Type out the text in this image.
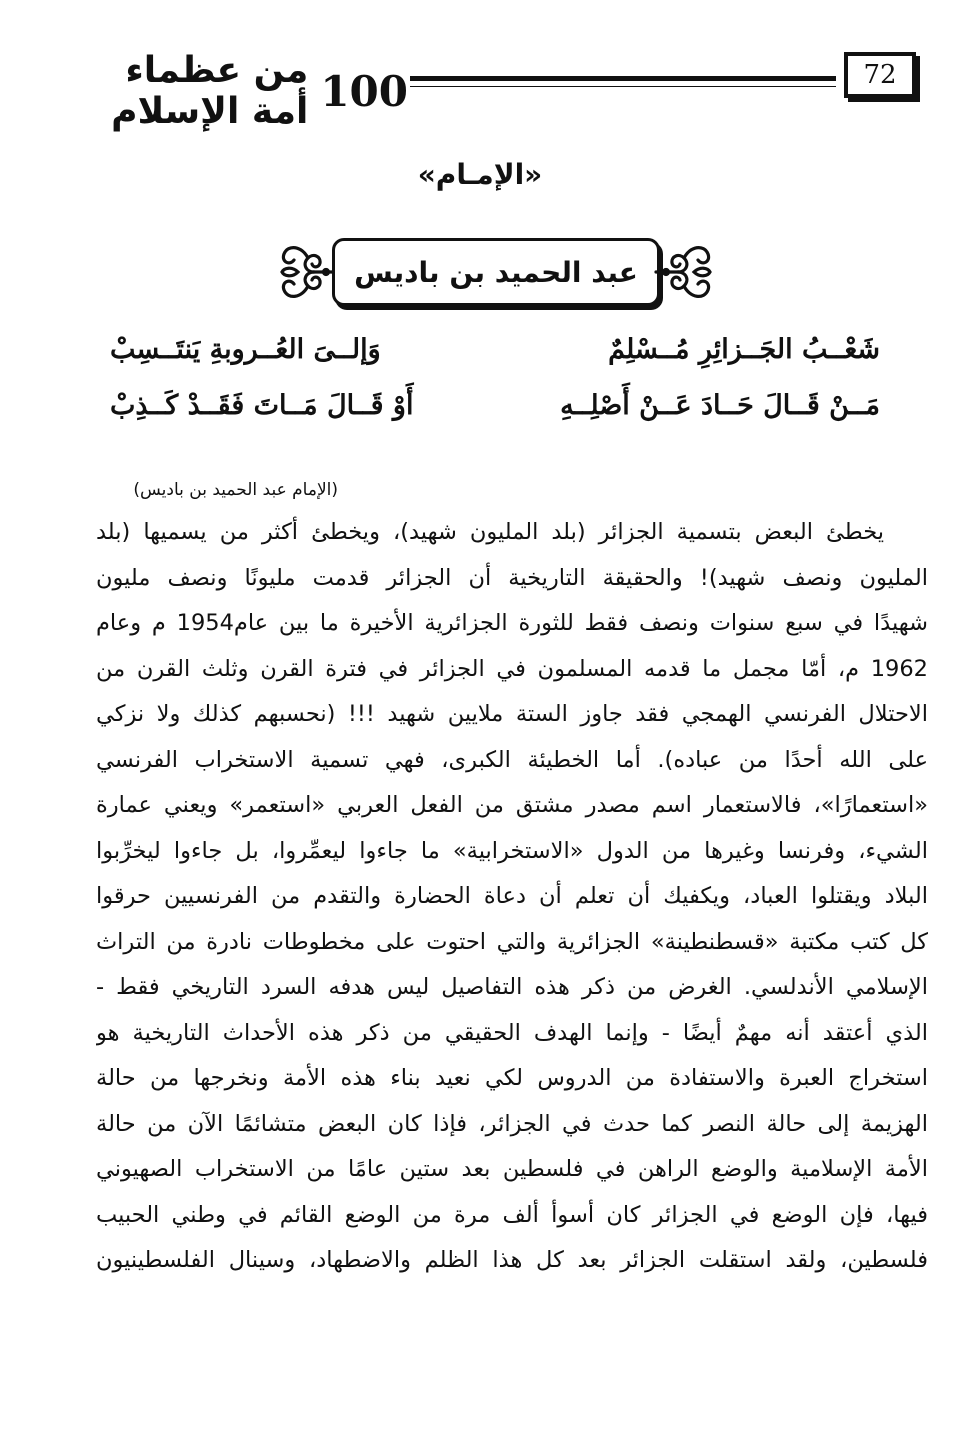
100
من عظماء أمة الإسلام
72
«الإمـام»
عبد الحميد بن باديس
شَعْــبُ الجَــزائِرِ مُــسْلِمٌ
وَإلــىَ العُــروبةِ يَنتَــسِبْ
مَــنْ قَــالَ حَــادَ عَــنْ أَصْلِــهِ
أَوْ قَــالَ مَــاتَ فَقَــدْ كَــذِبْ
(الإمام عبد الحميد بن باديس)
يخطئ البعض بتسمية الجزائر (بلد المليون شهيد)، ويخطئ أكثر من يسميها (بلد
المليون ونصف شهيد)! والحقيقة التاريخية أن الجزائر قدمت مليونًا ونصف مليون
شهيدًا في سبع سنوات ونصف فقط للثورة الجزائرية الأخيرة ما بين عام1954 م وعام
1962 م، أمّا مجمل ما قدمه المسلمون في الجزائر في فترة القرن وثلث القرن من
الاحتلال الفرنسي الهمجي فقد جاوز الستة ملايين شهيد !!! (نحسبهم كذلك ولا نزكي
على الله أحدًا من عباده). أما الخطيئة الكبرى، فهي تسمية الاستخراب الفرنسي
«استعمارًا»، فالاستعمار اسم مصدر مشتق من الفعل العربي «استعمر» ويعني عمارة
الشيء، وفرنسا وغيرها من الدول «الاستخرابية» ما جاءوا ليعمِّروا، بل جاءوا ليخرِّبوا
البلاد ويقتلوا العباد، ويكفيك أن تعلم أن دعاة الحضارة والتقدم من الفرنسيين حرقوا
كل كتب مكتبة «قسطنطينة» الجزائرية والتي احتوت على مخطوطات نادرة من التراث
الإسلامي الأندلسي. الغرض من ذكر هذه التفاصيل ليس هدفه السرد التاريخي فقط -
الذي أعتقد أنه مهمٌ أيضًا - وإنما الهدف الحقيقي من ذكر هذه الأحداث التاريخية هو
استخراج العبرة والاستفادة من الدروس لكي نعيد بناء هذه الأمة ونخرجها من حالة
الهزيمة إلى حالة النصر كما حدث في الجزائر، فإذا كان البعض متشائمًا الآن من حالة
الأمة الإسلامية والوضع الراهن في فلسطين بعد ستين عامًا من الاستخراب الصهيوني
فيها، فإن الوضع في الجزائر كان أسوأ ألف مرة من الوضع القائم في وطني الحبيب
فلسطين، ولقد استقلت الجزائر بعد كل هذا الظلم والاضطهاد، وسينال الفلسطينيون
